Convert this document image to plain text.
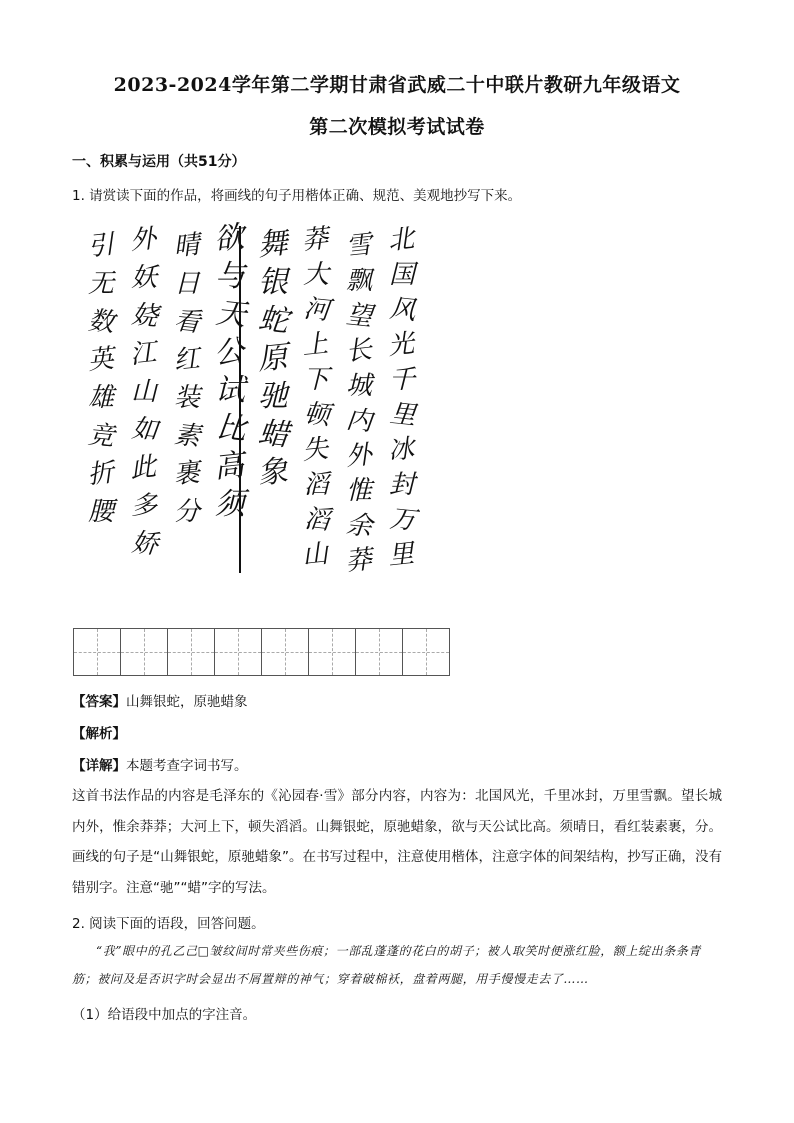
2023-2024学年第二学期甘肃省武威二十中联片教研九年级语文
第二次模拟考试试卷
一、积累与运用（共51分）
1. 请赏读下面的作品，将画线的句子用楷体正确、规范、美观地抄写下来。
北
国
风
光
千
里
冰
封
万
里
雪
飘
望
长
城
内
外
惟
余
莽
莽
大
河
上
下
顿
失
滔
滔
山
舞
银
蛇
原
驰
蜡
象
欲
与
天
公
试
比
高
须
晴
日
看
红
装
素
裹
分
外
妖
娆
江
山
如
此
多
娇
引
无
数
英
雄
竞
折
腰
【答案】山舞银蛇，原驰蜡象
【解析】
【详解】本题考查字词书写。
这首书法作品的内容是毛泽东的《沁园春·雪》部分内容，内容为：北国风光，千里冰封，万里雪飘。望长城内外，惟余莽莽；大河上下，顿失滔滔。山舞银蛇，原驰蜡象，欲与天公试比高。须晴日，看红装素裹，分。画线的句子是“山舞银蛇，原驰蜡象”。在书写过程中，注意使用楷体，注意字体的间架结构，抄写正确，没有错别字。注意“驰”“蜡”字的写法。
2. 阅读下面的语段，回答问题。
“我”眼中的孔乙己□皱纹间时常夹些伤痕；一部乱蓬蓬的花白的胡子；被人取笑时便涨红脸，额上绽出条条青筋；被问及是否识字时会显出不屑置辩的神气；穿着破棉袄，盘着两腿，用手慢慢走去了……
（1）给语段中加点的字注音。
